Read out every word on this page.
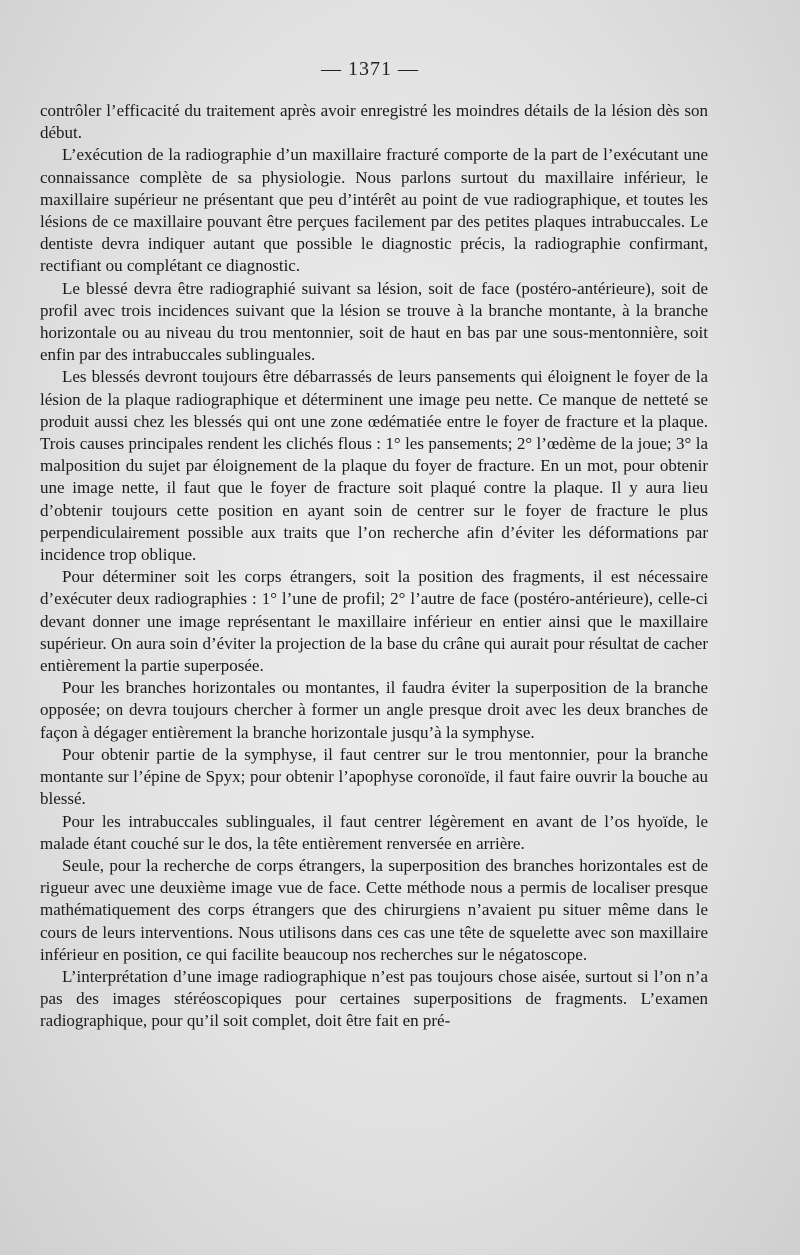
— 1371 —

contrôler l’efficacité du traitement après avoir enregistré les moindres détails de la lésion dès son début.

L’exécution de la radiographie d’un maxillaire fracturé comporte de la part de l’exécutant une connaissance complète de sa physiologie. Nous parlons surtout du maxillaire inférieur, le maxillaire supérieur ne présentant que peu d’intérêt au point de vue radiographique, et toutes les lésions de ce maxillaire pouvant être perçues facilement par des petites plaques intrabuccales. Le dentiste devra indiquer autant que possible le diagnostic précis, la radiographie confirmant, rectifiant ou complétant ce diagnostic.

Le blessé devra être radiographié suivant sa lésion, soit de face (postéro-antérieure), soit de profil avec trois incidences suivant que la lésion se trouve à la branche montante, à la branche horizontale ou au niveau du trou mentonnier, soit de haut en bas par une sous-mentonnière, soit enfin par des intrabuccales sublinguales.

Les blessés devront toujours être débarrassés de leurs pansements qui éloignent le foyer de la lésion de la plaque radiographique et déterminent une image peu nette. Ce manque de netteté se produit aussi chez les blessés qui ont une zone œdématiée entre le foyer de fracture et la plaque. Trois causes principales rendent les clichés flous : 1° les pansements; 2° l’œdème de la joue; 3° la malposition du sujet par éloignement de la plaque du foyer de fracture. En un mot, pour obtenir une image nette, il faut que le foyer de fracture soit plaqué contre la plaque. Il y aura lieu d’obtenir toujours cette position en ayant soin de centrer sur le foyer de fracture le plus perpendiculairement possible aux traits que l’on recherche afin d’éviter les déformations par incidence trop oblique.

Pour déterminer soit les corps étrangers, soit la position des fragments, il est nécessaire d’exécuter deux radiographies : 1° l’une de profil; 2° l’autre de face (postéro-antérieure), celle-ci devant donner une image représentant le maxillaire inférieur en entier ainsi que le maxillaire supérieur. On aura soin d’éviter la projection de la base du crâne qui aurait pour résultat de cacher entièrement la partie superposée.

Pour les branches horizontales ou montantes, il faudra éviter la superposition de la branche opposée; on devra toujours chercher à former un angle presque droit avec les deux branches de façon à dégager entièrement la branche horizontale jusqu’à la symphyse.

Pour obtenir partie de la symphyse, il faut centrer sur le trou mentonnier, pour la branche montante sur l’épine de Spyx; pour obtenir l’apophyse coronoïde, il faut faire ouvrir la bouche au blessé.

Pour les intrabuccales sublinguales, il faut centrer légèrement en avant de l’os hyoïde, le malade étant couché sur le dos, la tête entièrement renversée en arrière.

Seule, pour la recherche de corps étrangers, la superposition des branches horizontales est de rigueur avec une deuxième image vue de face. Cette méthode nous a permis de localiser presque mathématiquement des corps étrangers que des chirurgiens n’avaient pu situer même dans le cours de leurs interventions. Nous utilisons dans ces cas une tête de squelette avec son maxillaire inférieur en position, ce qui facilite beaucoup nos recherches sur le négatoscope.

L’interprétation d’une image radiographique n’est pas toujours chose aisée, surtout si l’on n’a pas des images stéréoscopiques pour certaines superpositions de fragments. L’examen radiographique, pour qu’il soit complet, doit être fait en pré-
